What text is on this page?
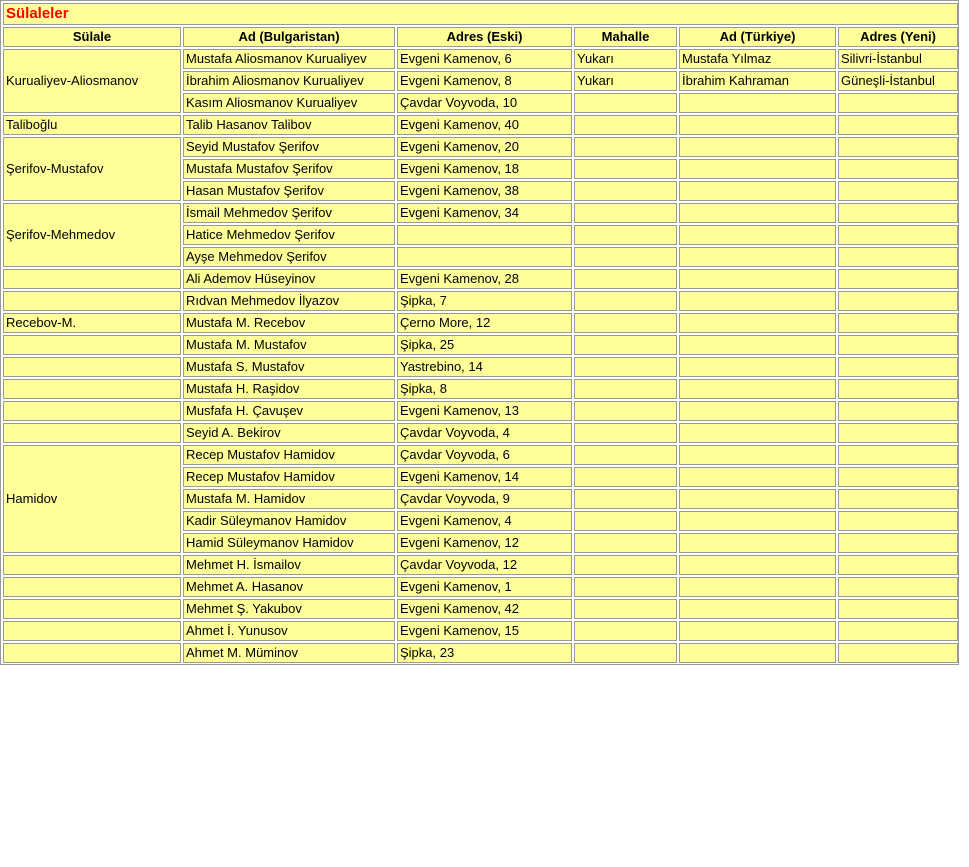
Sülaleler					
Sülale	Ad (Bulgaristan)	Adres (Eski)	Mahalle	Ad (Türkiye)	Adres (Yeni)
Kurualiyev-Aliosmanov	Mustafa Aliosmanov Kurualiyev	Evgeni Kamenov, 6	Yukarı	Mustafa Yılmaz	Silivri-İstanbul
	İbrahim Aliosmanov Kurualiyev	Evgeni Kamenov, 8	Yukarı	İbrahim Kahraman	Güneşli-İstanbul
	Kasım Aliosmanov Kurualiyev	Çavdar Voyvoda, 10			
Taliboğlu	Talib Hasanov Talibov	Evgeni Kamenov, 40			
Şerifov-Mustafov	Seyid Mustafov Şerifov	Evgeni Kamenov, 20			
	Mustafa Mustafov Şerifov	Evgeni Kamenov, 18			
	Hasan Mustafov Şerifov	Evgeni Kamenov, 38			
Şerifov-Mehmedov	İsmail Mehmedov Şerifov	Evgeni Kamenov, 34			
	Hatice Mehmedov Şerifov				
	Ayşe Mehmedov Şerifov				
	Ali Ademov Hüseyinov	Evgeni Kamenov, 28			
	Rıdvan Mehmedov İlyazov	Şipka, 7			
Recebov-M.	Mustafa M. Recebov	Çerno More, 12			
	Mustafa M. Mustafov	Şipka, 25			
	Mustafa S. Mustafov	Yastrebino, 14			
	Mustafa H. Raşidov	Şipka, 8			
	Musfafa H. Çavuşev	Evgeni Kamenov, 13			
	Seyid A. Bekirov	Çavdar Voyvoda, 4			
Hamidov	Recep Mustafov Hamidov	Çavdar Voyvoda, 6			
	Recep Mustafov Hamidov	Evgeni Kamenov, 14			
	Mustafa M. Hamidov	Çavdar Voyvoda, 9			
	Kadir Süleymanov Hamidov	Evgeni Kamenov, 4			
	Hamid Süleymanov Hamidov	Evgeni Kamenov, 12			
	Mehmet H. İsmailov	Çavdar Voyvoda, 12			
	Mehmet A. Hasanov	Evgeni Kamenov, 1			
	Mehmet Ş. Yakubov	Evgeni Kamenov, 42			
	Ahmet İ. Yunusov	Evgeni Kamenov, 15			
	Ahmet M. Müminov	Şipka, 23			
